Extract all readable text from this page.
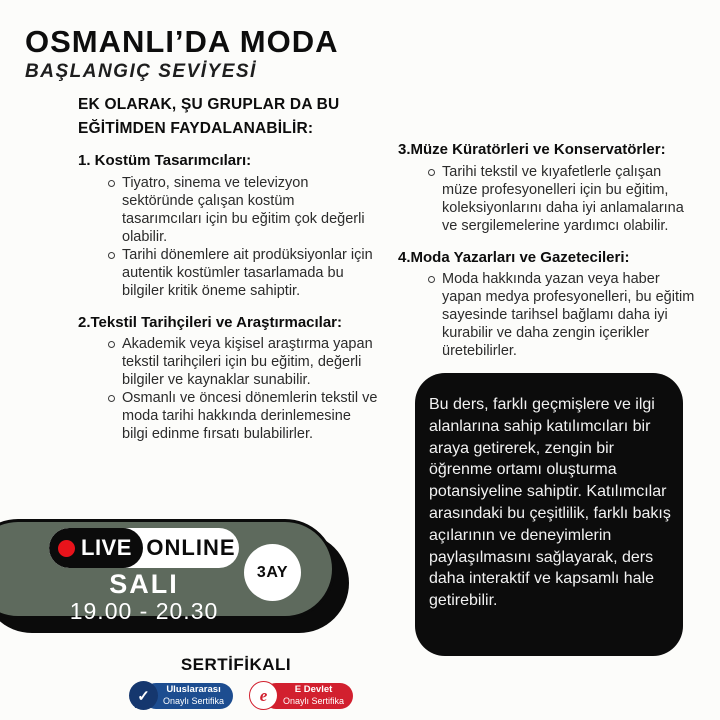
OSMANLI’DA MODA
BAŞLANGIÇ SEVİYESİ
EK OLARAK, ŞU GRUPLAR DA BU EĞİTİMDEN FAYDALANABİLİR:
1. Kostüm Tasarımcıları:
Tiyatro, sinema ve televizyon sektöründe çalışan kostüm tasarımcıları için bu eğitim çok değerli olabilir.
Tarihi dönemlere ait prodüksiyonlar için autentik kostümler tasarlamada bu bilgiler kritik öneme sahiptir.
2.Tekstil Tarihçileri ve Araştırmacılar:
Akademik veya kişisel araştırma yapan tekstil tarihçileri için bu eğitim, değerli bilgiler ve kaynaklar sunabilir.
Osmanlı ve öncesi dönemlerin tekstil ve moda tarihi hakkında derinlemesine bilgi edinme fırsatı bulabilirler.
3.Müze Küratörleri ve Konservatörler:
Tarihi tekstil ve kıyafetlerle çalışan müze profesyonelleri için bu eğitim, koleksiyonlarını daha iyi anlamalarına ve sergilemelerine yardımcı olabilir.
4.Moda Yazarları ve Gazetecileri:
Moda hakkında yazan veya haber yapan medya profesyonelleri, bu eğitim sayesinde tarihsel bağlamı daha iyi kurabilir ve daha zengin içerikler üretebilirler.
Bu ders, farklı geçmişlere ve ilgi alanlarına sahip katılımcıları bir araya getirerek, zengin bir öğrenme ortamı oluşturma potansiyeline sahiptir. Katılımcılar arasındaki bu çeşitlilik, farklı bakış açılarının ve deneyimlerin paylaşılmasını sağlayarak, ders daha interaktif ve kapsamlı hale getirebilir.
LIVE ONLINE
SALI
19.00 - 20.30
3AY
SERTİFİKALI
✓	Uluslararası
Onaylı Sertifika	e	E Devlet
Onaylı Sertifika
